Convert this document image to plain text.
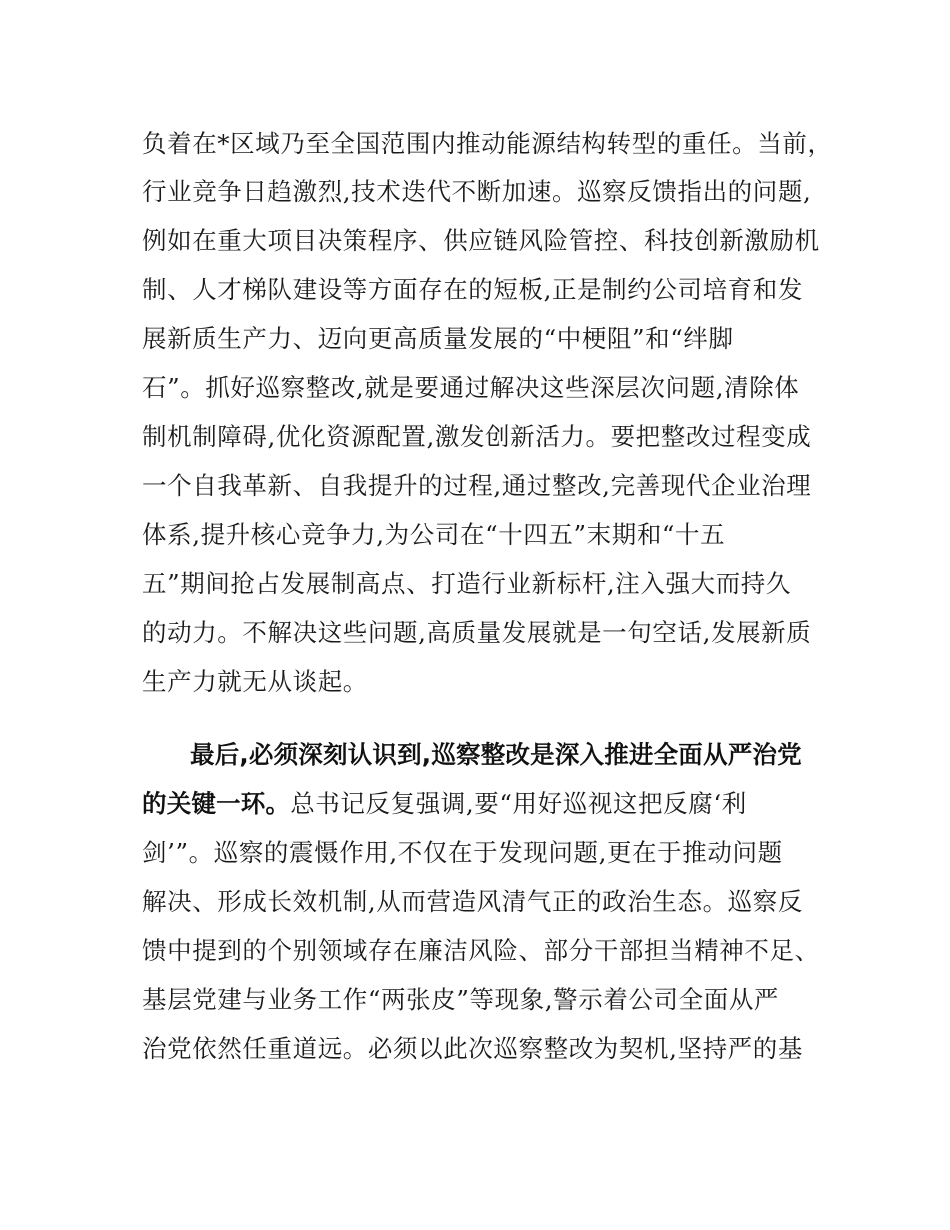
负着在*区域乃至全国范围内推动能源结构转型的重任。当前，
行业竞争日趋激烈,技术迭代不断加速。巡察反馈指出的问题,
例如在重大项目决策程序、供应链风险管控、科技创新激励机
制、人才梯队建设等方面存在的短板,正是制约公司培育和发
展新质生产力、迈向更高质量发展的“中梗阻”和“绊脚
石”。抓好巡察整改,就是要通过解决这些深层次问题,清除体
制机制障碍,优化资源配置,激发创新活力。要把整改过程变成
一个自我革新、自我提升的过程,通过整改,完善现代企业治理
体系,提升核心竞争力,为公司在“十四五”末期和“十五
五”期间抢占发展制高点、打造行业新标杆,注入强大而持久
的动力。不解决这些问题,高质量发展就是一句空话,发展新质
生产力就无从谈起。
最后,必须深刻认识到,巡察整改是深入推进全面从严治党
的关键一环。总书记反复强调,要“用好巡视这把反腐‘利
剑’”。巡察的震慑作用,不仅在于发现问题,更在于推动问题
解决、形成长效机制,从而营造风清气正的政治生态。巡察反
馈中提到的个别领域存在廉洁风险、部分干部担当精神不足、
基层党建与业务工作“两张皮”等现象,警示着公司全面从严
治党依然任重道远。必须以此次巡察整改为契机,坚持严的基
